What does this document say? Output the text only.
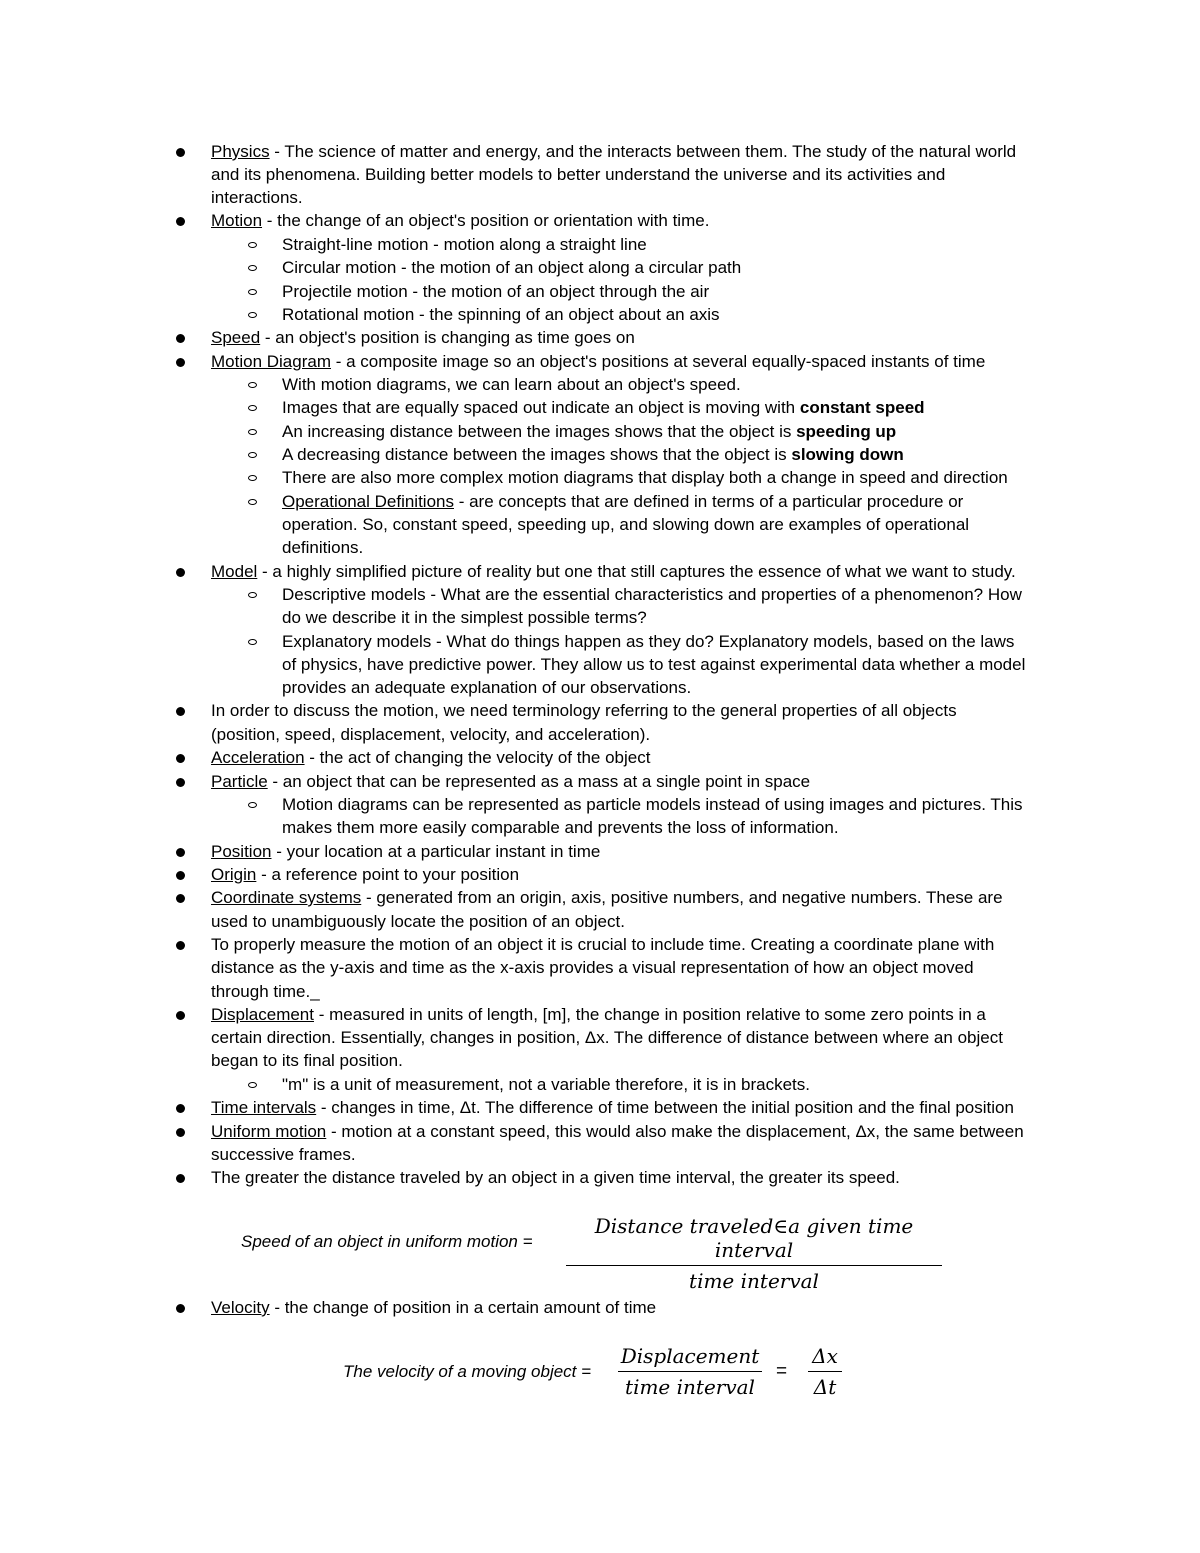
Physics - The science of matter and energy, and the interacts between them. The study of the natural world
and its phenomena. Building better models to better understand the universe and its activities and
interactions.
Motion - the change of an object's position or orientation with time.
Straight-line motion - motion along a straight line
Circular motion - the motion of an object along a circular path
Projectile motion - the motion of an object through the air
Rotational motion - the spinning of an object about an axis
Speed - an object's position is changing as time goes on
Motion Diagram - a composite image so an object's positions at several equally-spaced instants of time
With motion diagrams, we can learn about an object's speed.
Images that are equally spaced out indicate an object is moving with constant speed
An increasing distance between the images shows that the object is speeding up
A decreasing distance between the images shows that the object is slowing down
There are also more complex motion diagrams that display both a change in speed and direction
Operational Definitions - are concepts that are defined in terms of a particular procedure or
operation. So, constant speed, speeding up, and slowing down are examples of operational
definitions.
Model - a highly simplified picture of reality but one that still captures the essence of what we want to study.
Descriptive models - What are the essential characteristics and properties of a phenomenon? How
do we describe it in the simplest possible terms?
Explanatory models - What do things happen as they do? Explanatory models, based on the laws
of physics, have predictive power. They allow us to test against experimental data whether a model
provides an adequate explanation of our observations.
In order to discuss the motion, we need terminology referring to the general properties of all objects
(position, speed, displacement, velocity, and acceleration).
Acceleration - the act of changing the velocity of the object
Particle - an object that can be represented as a mass at a single point in space
Motion diagrams can be represented as particle models instead of using images and pictures. This
makes them more easily comparable and prevents the loss of information.
Position - your location at a particular instant in time
Origin - a reference point to your position
Coordinate systems - generated from an origin, axis, positive numbers, and negative numbers. These are
used to unambiguously locate the position of an object.
To properly measure the motion of an object it is crucial to include time. Creating a coordinate plane with
distance as the y-axis and time as the x-axis provides a visual representation of how an object moved
through time._
Displacement - measured in units of length, [m], the change in position relative to some zero points in a
certain direction. Essentially, changes in position, Δx. The difference of distance between where an object
began to its final position.
"m" is a unit of measurement, not a variable therefore, it is in brackets.
Time intervals - changes in time, Δt. The difference of time between the initial position and the final position
Uniform motion - motion at a constant speed, this would also make the displacement, Δx, the same between
successive frames.
The greater the distance traveled by an object in a given time interval, the greater its speed.
Speed of an object in uniform motion =
Distance traveled∈a given time interval
time interval
Velocity - the change of position in a certain amount of time
The velocity of a moving object =
Displacement
time interval
=
Δx
Δt
